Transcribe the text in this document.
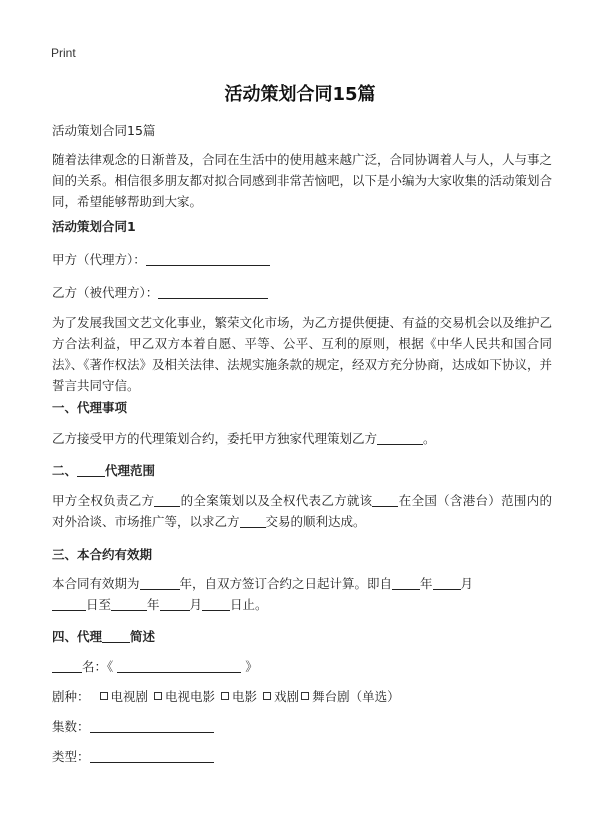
Print
活动策划合同15篇
活动策划合同15篇
随着法律观念的日渐普及，合同在生活中的使用越来越广泛，合同协调着人与人，人与事之间的关系。相信很多朋友都对拟合同感到非常苦恼吧，以下是小编为大家收集的活动策划合同，希望能够帮助到大家。
活动策划合同1
甲方（代理方）：
乙方（被代理方）：
为了发展我国文艺文化事业，繁荣文化市场，为乙方提供便捷、有益的交易机会以及维护乙方合法利益，甲乙双方本着自愿、平等、公平、互利的原则，根据《中华人民共和国合同法》、《著作权法》及相关法律、法规实施条款的规定，经双方充分协商，达成如下协议，并誓言共同守信。
一、代理事项
乙方接受甲方的代理策划合约，委托甲方独家代理策划乙方	。
二、 代理范围
甲方全权负责乙方 的全案策划以及全权代表乙方就该 在全国（含港台）范围内的对外洽谈、市场推广等，以求乙方 交易的顺利达成。
三、本合约有效期
本合同有效期为	年，自双方签订合约之日起计算。即自 年 月
日至	年 月 日止。
四、代理 简述
名：《	》
剧种： 电视剧 电视电影 电影 戏剧 舞台剧（单选）
集数：
类型：
